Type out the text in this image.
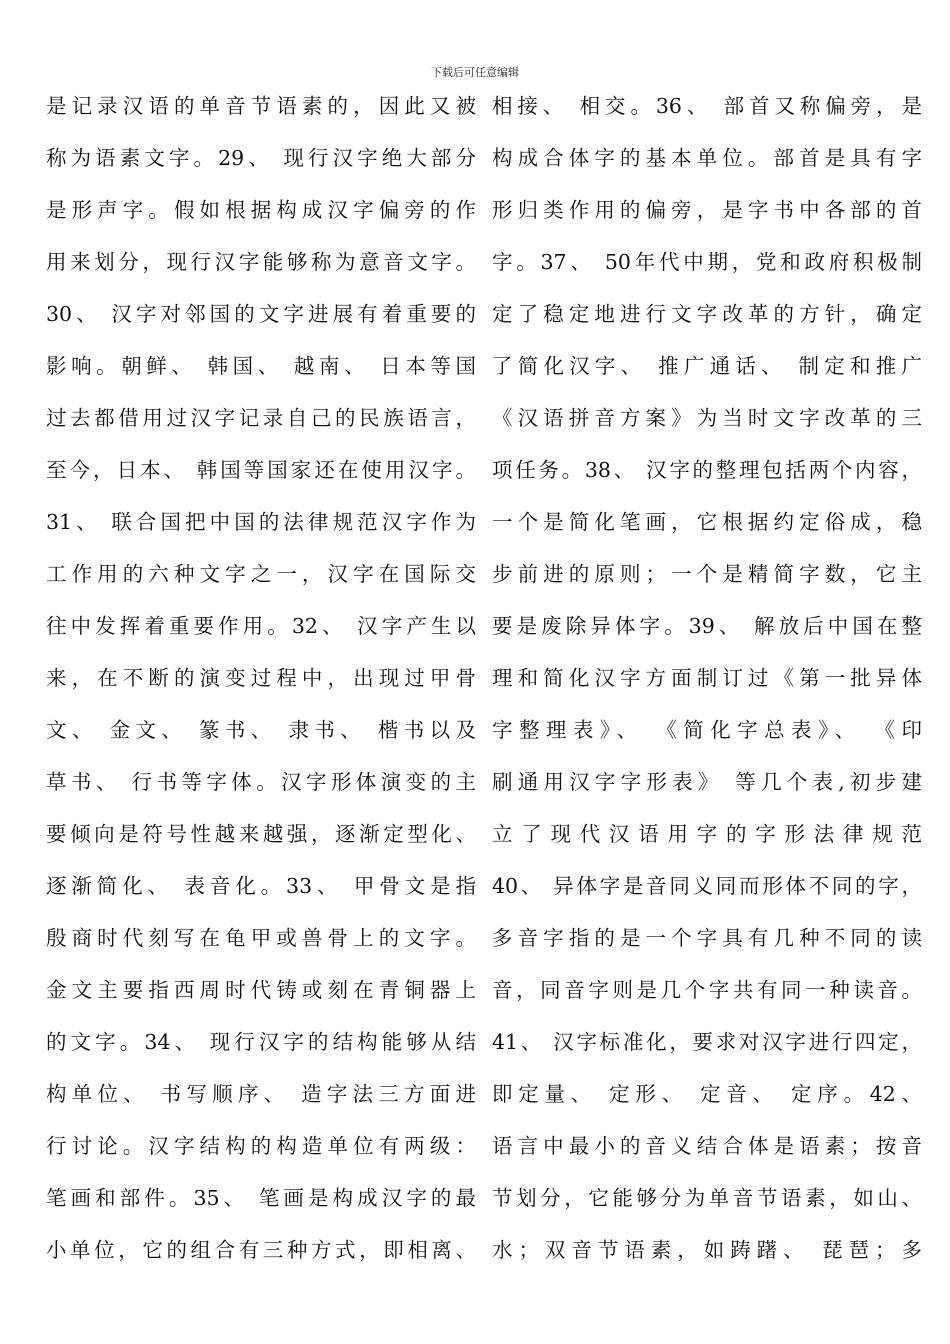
下载后可任意编辑
是记录汉语的单音节语素的，因此又被
称为语素文字。29、 现行汉字绝大部分
是形声字。假如根据构成汉字偏旁的作
用来划分，现行汉字能够称为意音文字。
30、 汉字对邻国的文字进展有着重要的
影响。朝鲜、 韩国、 越南、 日本等国
过去都借用过汉字记录自己的民族语言，
至今，日本、 韩国等国家还在使用汉字。
31、 联合国把中国的法律规范汉字作为
工作用的六种文字之一，汉字在国际交
往中发挥着重要作用。32、 汉字产生以
来，在不断的演变过程中，出现过甲骨
文、 金文、 篆书、 隶书、 楷书以及
草书、 行书等字体。汉字形体演变的主
要倾向是符号性越来越强，逐渐定型化、
逐渐简化、 表音化。33、 甲骨文是指
殷商时代刻写在龟甲或兽骨上的文字。
金文主要指西周时代铸或刻在青铜器上
的文字。34、 现行汉字的结构能够从结
构单位、 书写顺序、 造字法三方面进
行讨论。汉字结构的构造单位有两级：
笔画和部件。35、 笔画是构成汉字的最
小单位，它的组合有三种方式，即相离、
相接、 相交。36、 部首又称偏旁，是
构成合体字的基本单位。部首是具有字
形归类作用的偏旁，是字书中各部的首
字。37、 50年代中期，党和政府积极制
定了稳定地进行文字改革的方针，确定
了简化汉字、 推广通话、 制定和推广
《汉语拼音方案》为当时文字改革的三
项任务。38、 汉字的整理包括两个内容，
一个是简化笔画，它根据约定俗成，稳
步前进的原则；一个是精简字数，它主
要是废除异体字。39、 解放后中国在整
理和简化汉字方面制订过《第一批异体
字整理表》、 《简化字总表》、 《印
刷通用汉字字形表》 等几个表,初步建
立了现代汉语用字的字形法律规范
40、 异体字是音同义同而形体不同的字，
多音字指的是一个字具有几种不同的读
音，同音字则是几个字共有同一种读音。
41、 汉字标准化，要求对汉字进行四定，
即定量、 定形、 定音、 定序。42、
语言中最小的音义结合体是语素；按音
节划分，它能够分为单音节语素，如山、
水；双音节语素，如踌躇、 琵琶；多
